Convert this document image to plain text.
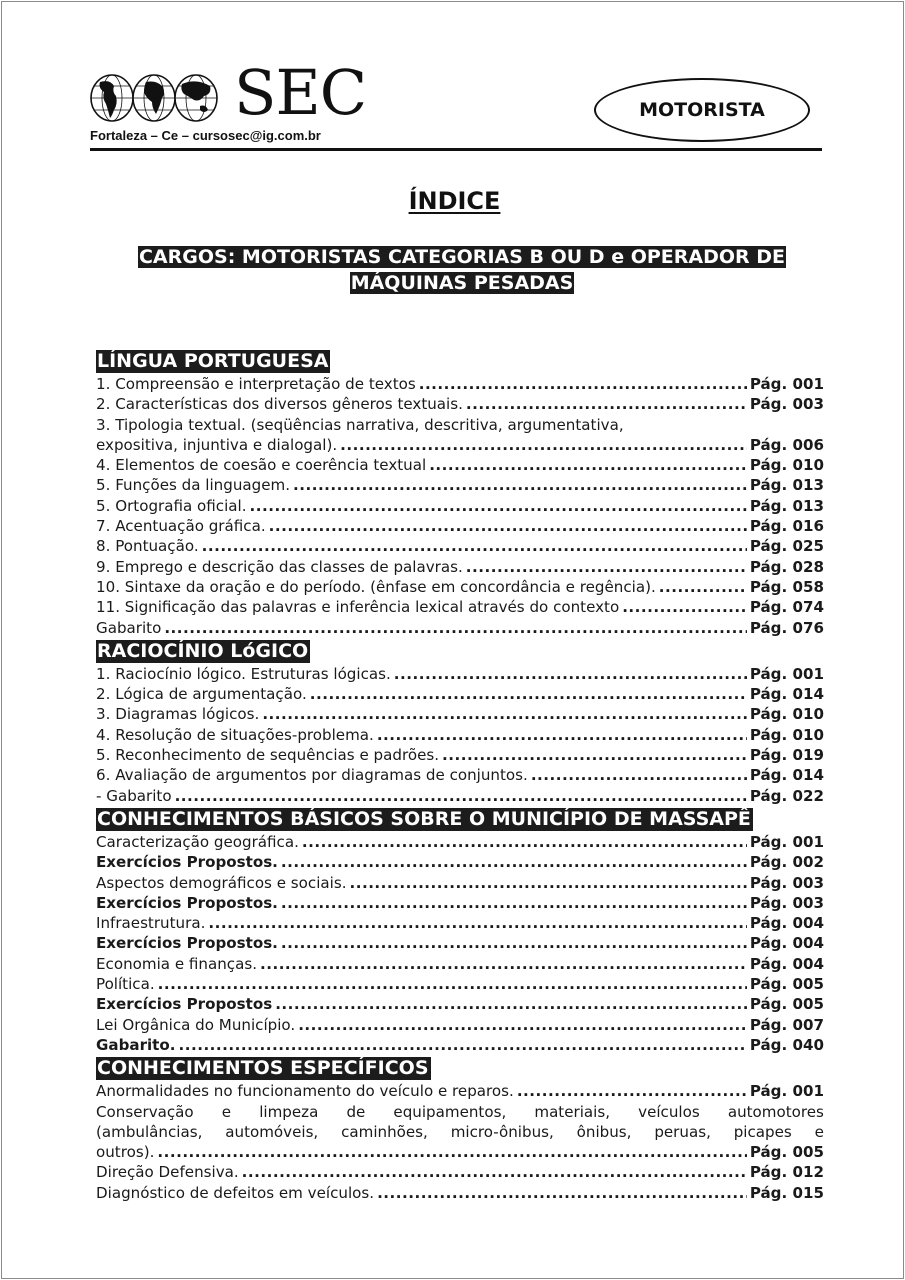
SEC
Fortaleza – Ce – cursosec@ig.com.br
MOTORISTA
ÍNDICE
CARGOS: MOTORISTAS CATEGORIAS B OU D e OPERADOR DE
MÁQUINAS PESADAS
LÍNGUA PORTUGUESA
1. Compreensão e interpretação de textos .....	Pág. 001
2. Características dos diversos gêneros textuais. .....	Pág. 003
3. Tipologia textual. (seqüências narrativa, descritiva, argumentativa,
expositiva, injuntiva e dialogal). .....	Pág. 006
4. Elementos de coesão e coerência textual .....	Pág. 010
5. Funções da linguagem. .....	Pág. 013
5. Ortografia oficial. .....	Pág. 013
7. Acentuação gráfica. .....	Pág. 016
8. Pontuação. .....	Pág. 025
9. Emprego e descrição das classes de palavras. .....	Pág. 028
10. Sintaxe da oração e do período. (ênfase em concordância e regência). .....	Pág. 058
11. Significação das palavras e inferência lexical através do contexto .....	Pág. 074
Gabarito .....	Pág. 076
RACIOCÍNIO LóGICO
1. Raciocínio lógico. Estruturas lógicas. .....	Pág. 001
2. Lógica de argumentação. .....	Pág. 014
3. Diagramas lógicos. .....	Pág. 010
4. Resolução de situações-problema. .....	Pág. 010
5. Reconhecimento de sequências e padrões. .....	Pág. 019
6. Avaliação de argumentos por diagramas de conjuntos. .....	Pág. 014
- Gabarito .....	Pág. 022
CONHECIMENTOS BÁSICOS SOBRE O MUNICÍPIO DE MASSAPÊ
Caracterização geográfica. .....	Pág. 001
Exercícios Propostos. .....	Pág. 002
Aspectos demográficos e sociais. .....	Pág. 003
Exercícios Propostos. .....	Pág. 003
Infraestrutura. .....	Pág. 004
Exercícios Propostos. .....	Pág. 004
Economia e finanças. .....	Pág. 004
Política. .....	Pág. 005
Exercícios Propostos .....	Pág. 005
Lei Orgânica do Município. .....	Pág. 007
Gabarito. .....	Pág. 040
CONHECIMENTOS ESPECÍFICOS
Anormalidades no funcionamento do veículo e reparos. .....	Pág. 001
Conservação e limpeza de equipamentos, materiais, veículos automotores
(ambulâncias, automóveis, caminhões, micro-ônibus, ônibus, peruas, picapes e
outros). .....	Pág. 005
Direção Defensiva. .....	Pág. 012
Diagnóstico de defeitos em veículos. .....	Pág. 015
